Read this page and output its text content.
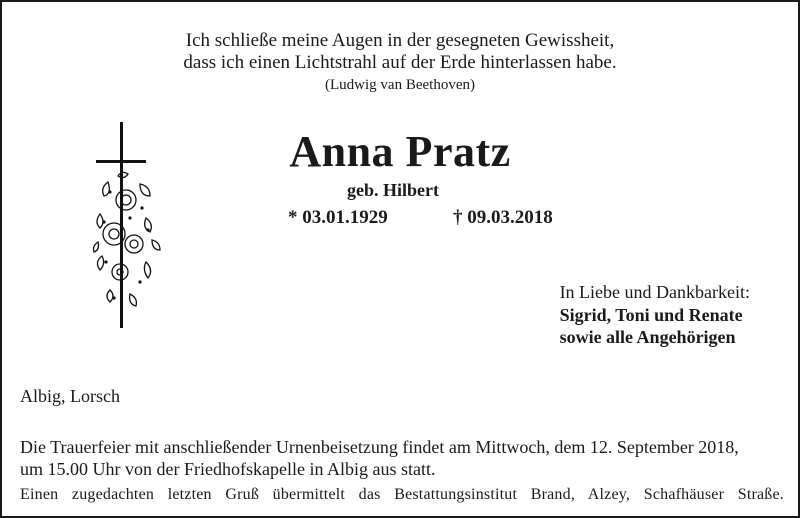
Ich schließe meine Augen in der gesegneten Gewissheit,
dass ich einen Lichtstrahl auf der Erde hinterlassen habe.
(Ludwig van Beethoven)
Anna Pratz
geb. Hilbert
* 03.01.1929	† 09.03.2018
In Liebe und Dankbarkeit:
Sigrid, Toni und Renate
sowie alle Angehörigen
Albig, Lorsch
Die Trauerfeier mit anschließender Urnenbeisetzung findet am Mittwoch, dem 12. September 2018,
um 15.00 Uhr von der Friedhofskapelle in Albig aus statt.
Einen zugedachten letzten Gruß übermittelt das Bestattungsinstitut Brand, Alzey, Schafhäuser Straße.
